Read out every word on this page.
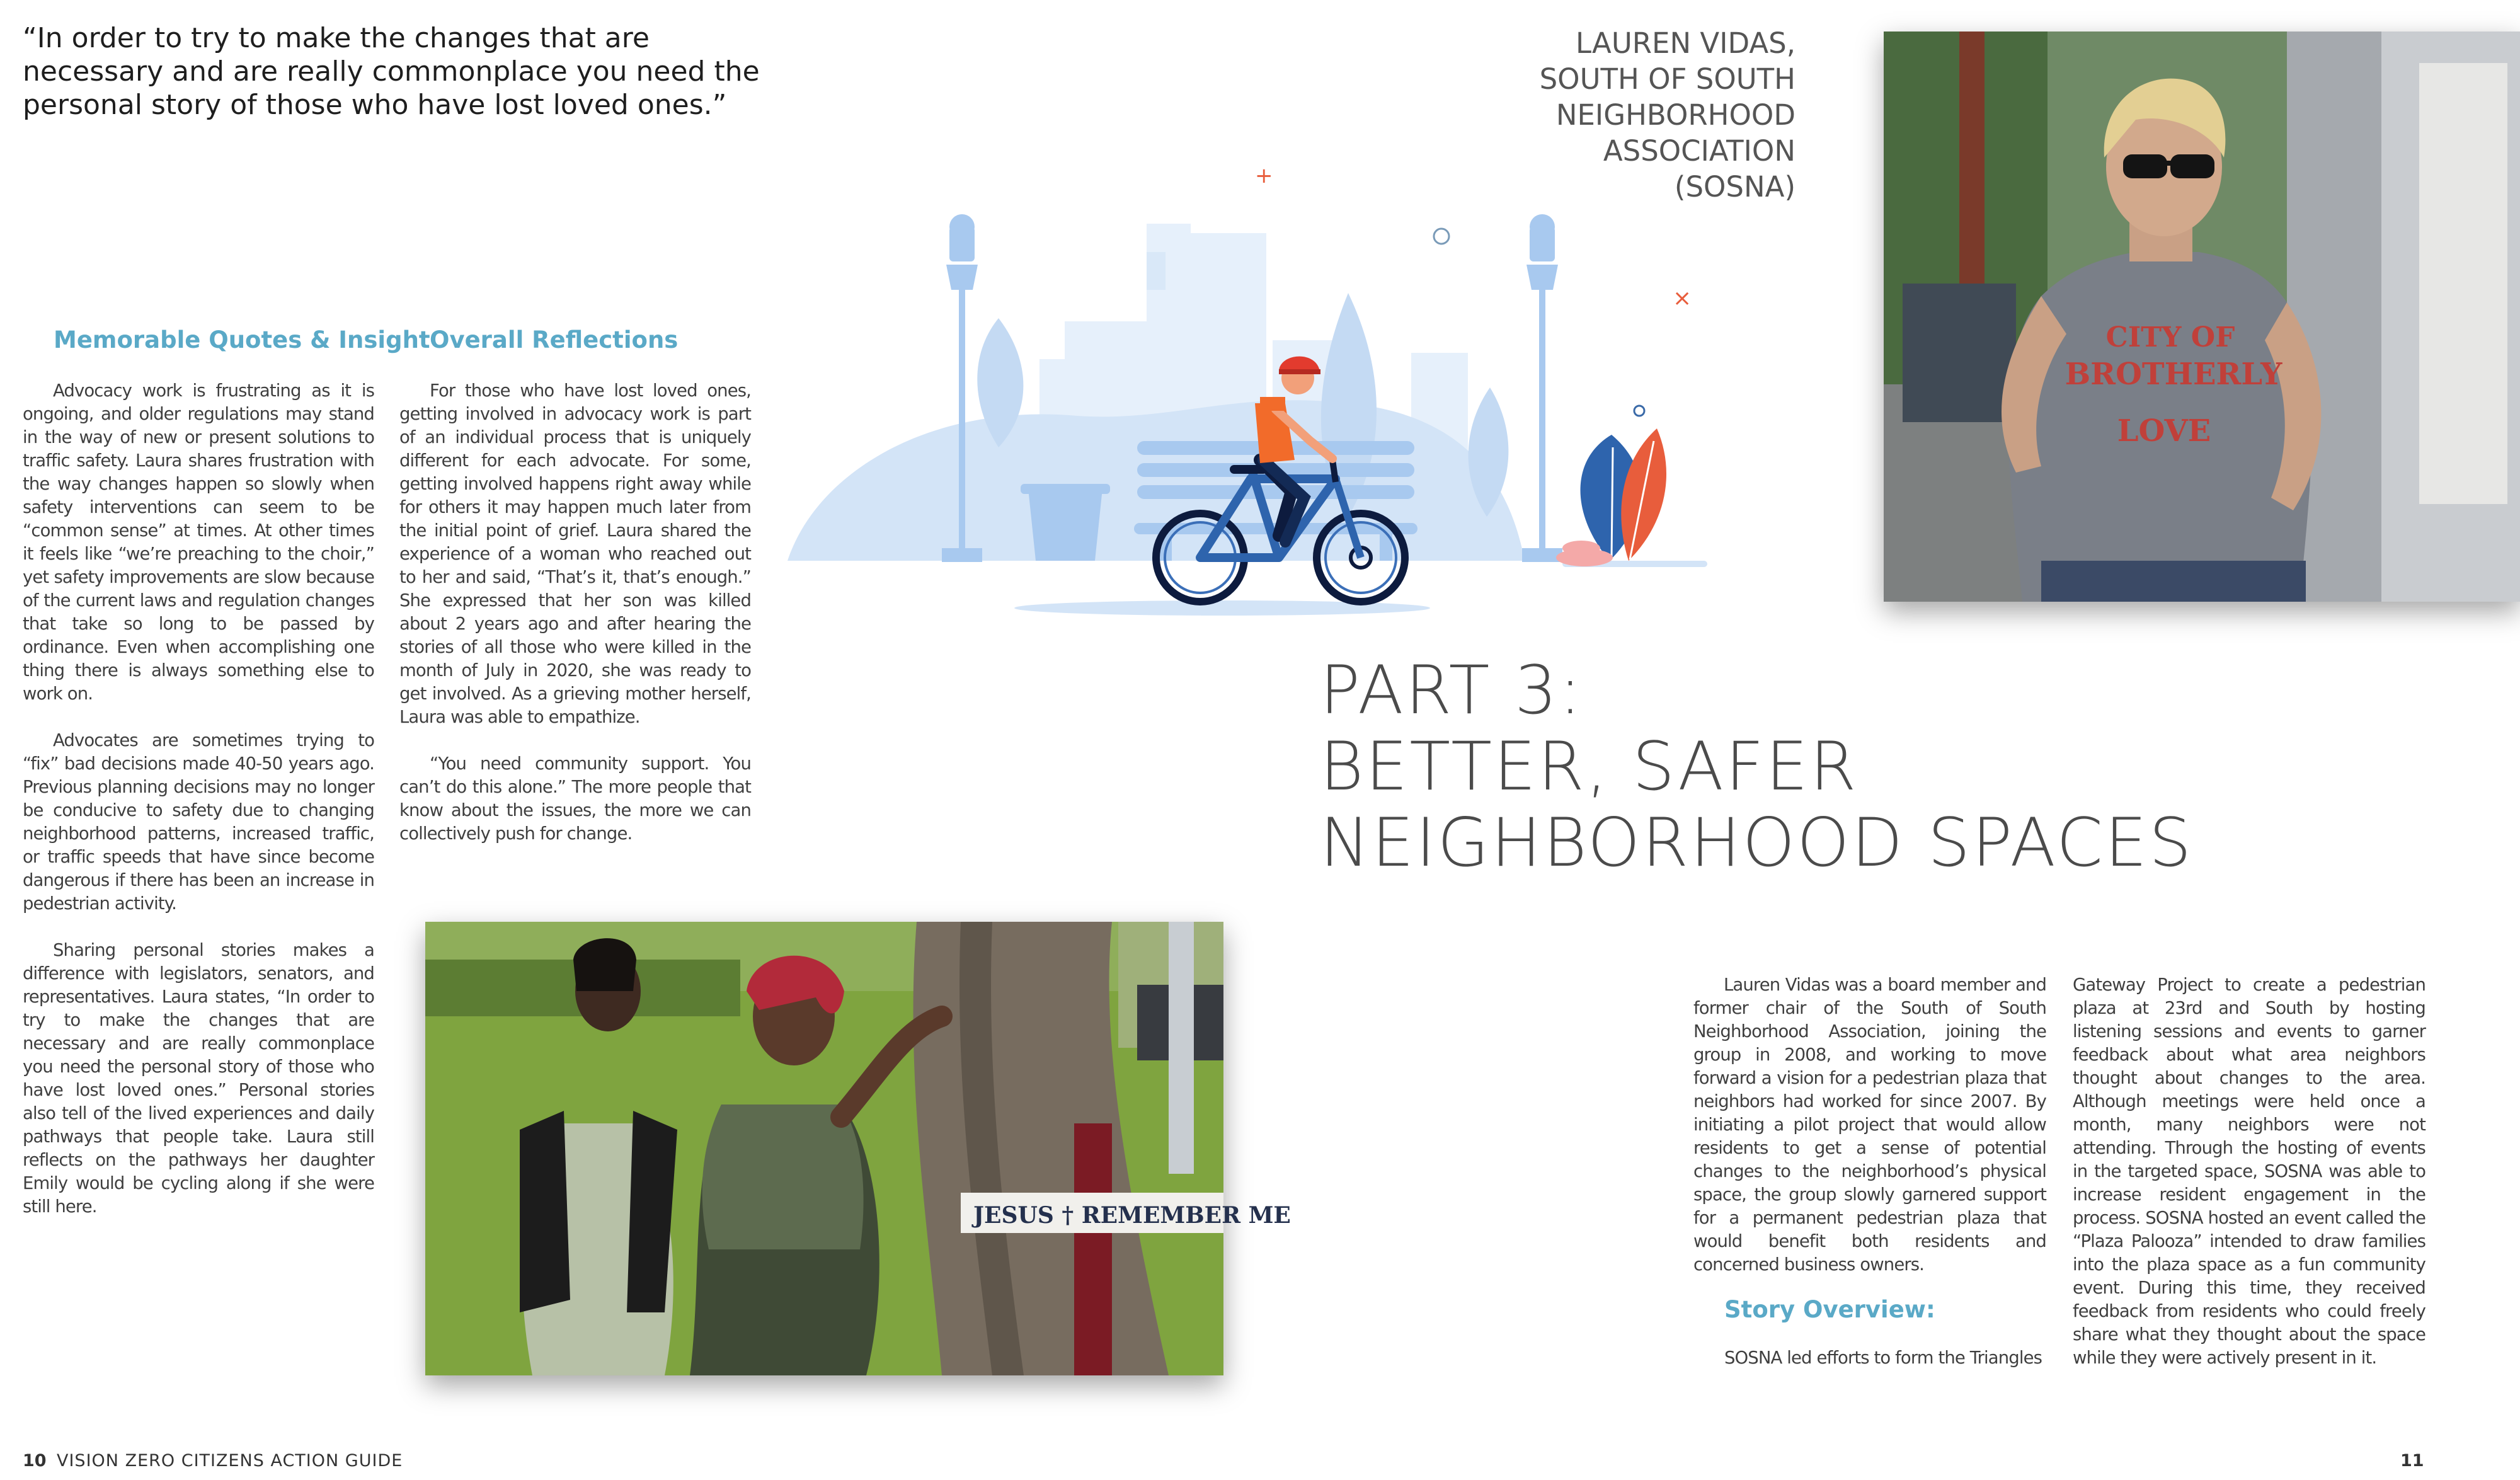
“In order to try to make the changes that are necessary and are really commonplace you need the personal story of those who have lost loved ones.”
LAUREN VIDAS,
SOUTH OF SOUTH
NEIGHBORHOOD
ASSOCIATION
(SOSNA)
Memorable Quotes & Insight

Advocacy work is frustrating as it is ongoing, and older regulations may stand in the way of new or present solutions to traffic safety. Laura shares frustration with the way changes happen so slowly when safety interventions can seem to be “common sense” at times. At other times it feels like “we’re preaching to the choir,” yet safety improvements are slow because of the current laws and regulation changes that take so long to be passed by ordinance. Even when accomplishing one thing there is always something else to work on.

Advocates are sometimes trying to “fix” bad decisions made 40-50 years ago. Previous planning decisions may no longer be conducive to safety due to changing neighborhood patterns, increased traffic, or traffic speeds that have since become dangerous if there has been an increase in pedestrian activity.

Sharing personal stories makes a difference with legislators, senators, and representatives. Laura states, “In order to try to make the changes that are necessary and are really commonplace you need the personal story of those who have lost loved ones.” Personal stories also tell of the lived experiences and daily pathways that people take. Laura still reflects on the pathways her daughter Emily would be cycling along if she were still here.

Overall Reflections

For those who have lost loved ones, getting involved in advocacy work is part of an individual process that is uniquely different for each advocate. For some, getting involved happens right away while for others it may happen much later from the initial point of grief. Laura shared the experience of a woman who reached out to her and said, “That’s it, that’s enough.” She expressed that her son was killed about 2 years ago and after hearing the stories of all those who were killed in the month of July in 2020, she was ready to get involved. As a grieving mother herself, Laura was able to empathize.

“You need community support. You can’t do this alone.” The more people that know about the issues, the more we can collectively push for change.

+
×
CITY OF
BROTHERLY
LOVE
PART 3:
BETTER, SAFER
NEIGHBORHOOD SPACES
JESUS † REMEMBER ME

Lauren Vidas was a board member and former chair of the South of South Neighborhood Association, joining the group in 2008, and working to move forward a vision for a pedestrian plaza that neighbors had worked for since 2007. By initiating a pilot project that would allow residents to get a sense of potential changes to the neighborhood’s physical space, the group slowly garnered support for a permanent pedestrian plaza that would benefit both residents and concerned business owners.

Story Overview:
SOSNA led efforts to form the Triangles

Gateway Project to create a pedestrian plaza at 23rd and South by hosting listening sessions and events to garner feedback about what area neighbors thought about changes to the area. Although meetings were held once a month, many neighbors were not attending. Through the hosting of events in the targeted space, SOSNA was able to increase resident engagement in the process. SOSNA hosted an event called the “Plaza Palooza” intended to draw families into the plaza space as a fun community event. During this time, they received feedback from residents who could freely share what they thought about the space while they were actively present in it.

10 VISION ZERO CITIZENS ACTION GUIDE	11
